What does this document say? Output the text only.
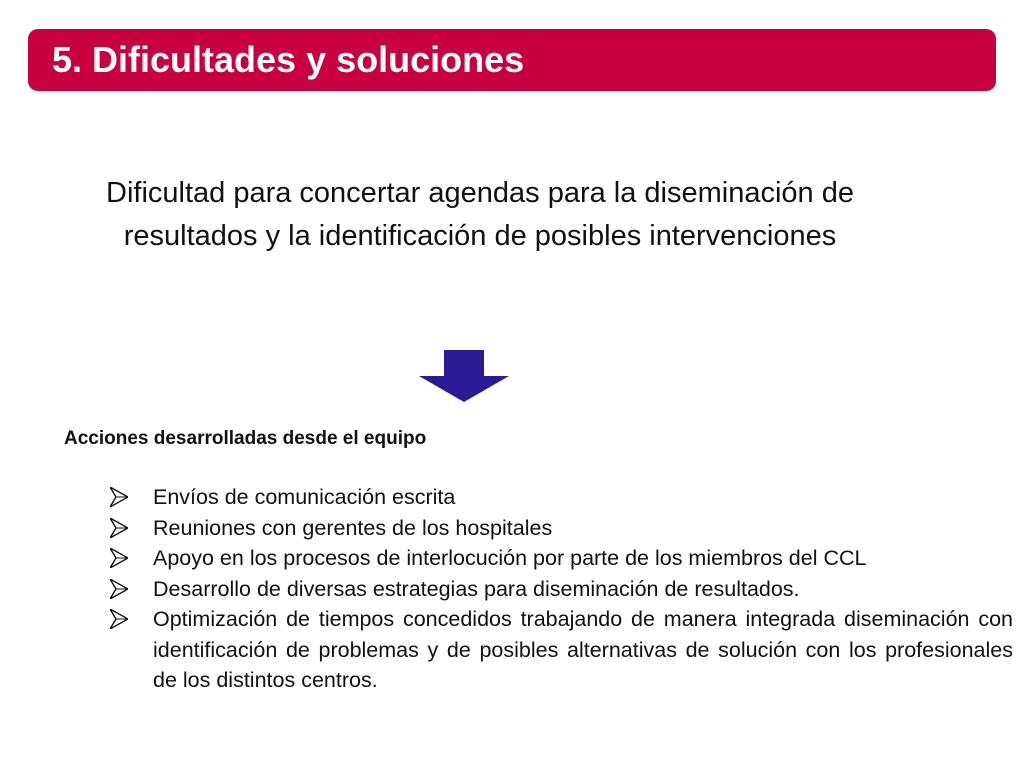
5. Dificultades y soluciones
Dificultad para concertar agendas para la diseminación de resultados y la identificación de posibles intervenciones
Acciones desarrolladas desde el equipo
Envíos de comunicación escrita
Reuniones con gerentes de los hospitales
Apoyo en los procesos de interlocución por parte de los miembros del CCL
Desarrollo de diversas estrategias para diseminación de resultados.
Optimización de tiempos concedidos trabajando de manera integrada diseminación con identificación de problemas y de posibles alternativas de solución con los profesionales de los distintos centros.
